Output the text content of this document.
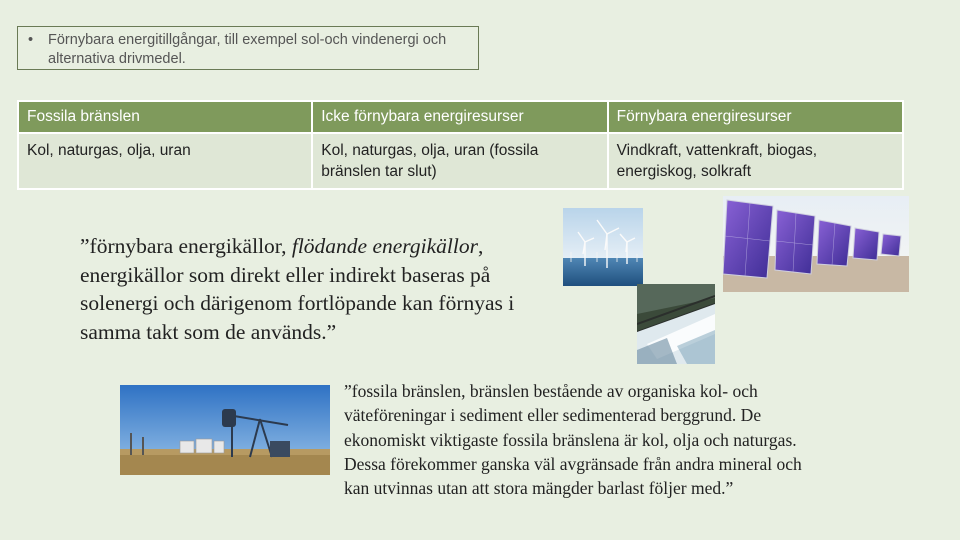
• Förnybara energitillgångar, till exempel sol-och vindenergi och alternativa drivmedel.
Fossila bränslen	Icke förnybara energiresurser	Förnybara energiresurser
Kol, naturgas, olja, uran	Kol, naturgas, olja, uran (fossila bränslen tar slut)	Vindkraft, vattenkraft, biogas, energiskog, solkraft
”förnybara energikällor, flödande energikällor, energikällor som direkt eller indirekt baseras på solenergi och därigenom fortlöpande kan förnyas i samma takt som de används.”
”fossila bränslen, bränslen bestående av organiska kol- och väteföreningar i sediment eller sedimenterad berggrund. De ekonomiskt viktigaste fossila bränslena är kol, olja och naturgas. Dessa förekommer ganska väl avgränsade från andra mineral och kan utvinnas utan att stora mängder barlast följer med.”
